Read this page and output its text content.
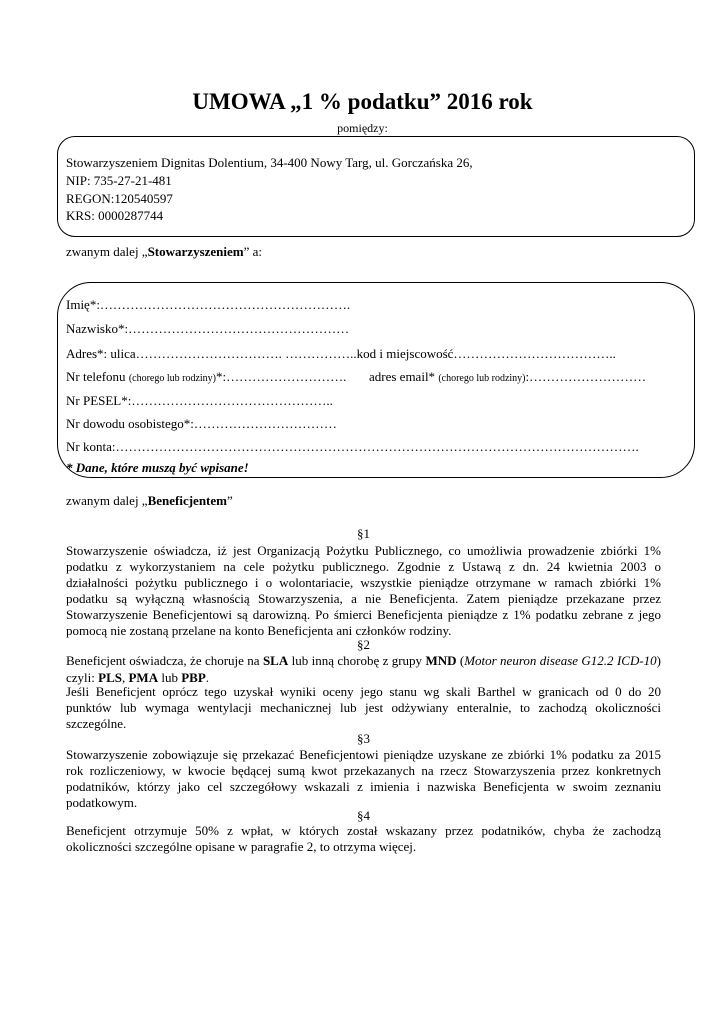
UMOWA „1 % podatku” 2016 rok
pomiędzy:
Stowarzyszeniem Dignitas Dolentium, 34-400 Nowy Targ, ul. Gorczańska 26,
NIP: 735-27-21-481
REGON:120540597
KRS: 0000287744
zwanym dalej „Stowarzyszeniem” a:
Imię*:………………………………………………….
Nazwisko*:……………………………………………
Adres*: ulica……………………………. ……………..kod i miejscowość………………………………..
Nr telefonu (chorego lub rodziny)*:………………………. adres email* (chorego lub rodziny):………………………
Nr PESEL*:………………………………………..
Nr dowodu osobistego*:……………………………
Nr konta:………………………………………………………………………………………………………….
* Dane, które muszą być wpisane!
zwanym dalej „Beneficjentem”
§1
Stowarzyszenie oświadcza, iż jest Organizacją Pożytku Publicznego, co umożliwia prowadzenie zbiórki 1%
podatku z wykorzystaniem na cele pożytku publicznego. Zgodnie z Ustawą z dn. 24 kwietnia 2003 o
działalności pożytku publicznego i o wolontariacie, wszystkie pieniądze otrzymane w ramach zbiórki 1%
podatku są wyłączną własnością Stowarzyszenia, a nie Beneficjenta. Zatem pieniądze przekazane przez
Stowarzyszenie Beneficjentowi są darowizną. Po śmierci Beneficjenta pieniądze z 1% podatku zebrane z jego
pomocą nie zostaną przelane na konto Beneficjenta ani członków rodziny.
§2
Beneficjent oświadcza, że choruje na SLA lub inną chorobę z grupy MND (Motor neuron disease G12.2 ICD-10) czyli: PLS, PMA lub PBP.
Jeśli Beneficjent oprócz tego uzyskał wyniki oceny jego stanu wg skali Barthel w granicach od 0 do 20
punktów lub wymaga wentylacji mechanicznej lub jest odżywiany enteralnie, to zachodzą okoliczności
szczególne.
§3
Stowarzyszenie zobowiązuje się przekazać Beneficjentowi pieniądze uzyskane ze zbiórki 1% podatku za 2015
rok rozliczeniowy, w kwocie będącej sumą kwot przekazanych na rzecz Stowarzyszenia przez konkretnych
podatników, którzy jako cel szczegółowy wskazali z imienia i nazwiska Beneficjenta w swoim zeznaniu
podatkowym.
§4
Beneficjent otrzymuje 50% z wpłat, w których został wskazany przez podatników, chyba że zachodzą
okoliczności szczególne opisane w paragrafie 2, to otrzyma więcej.
